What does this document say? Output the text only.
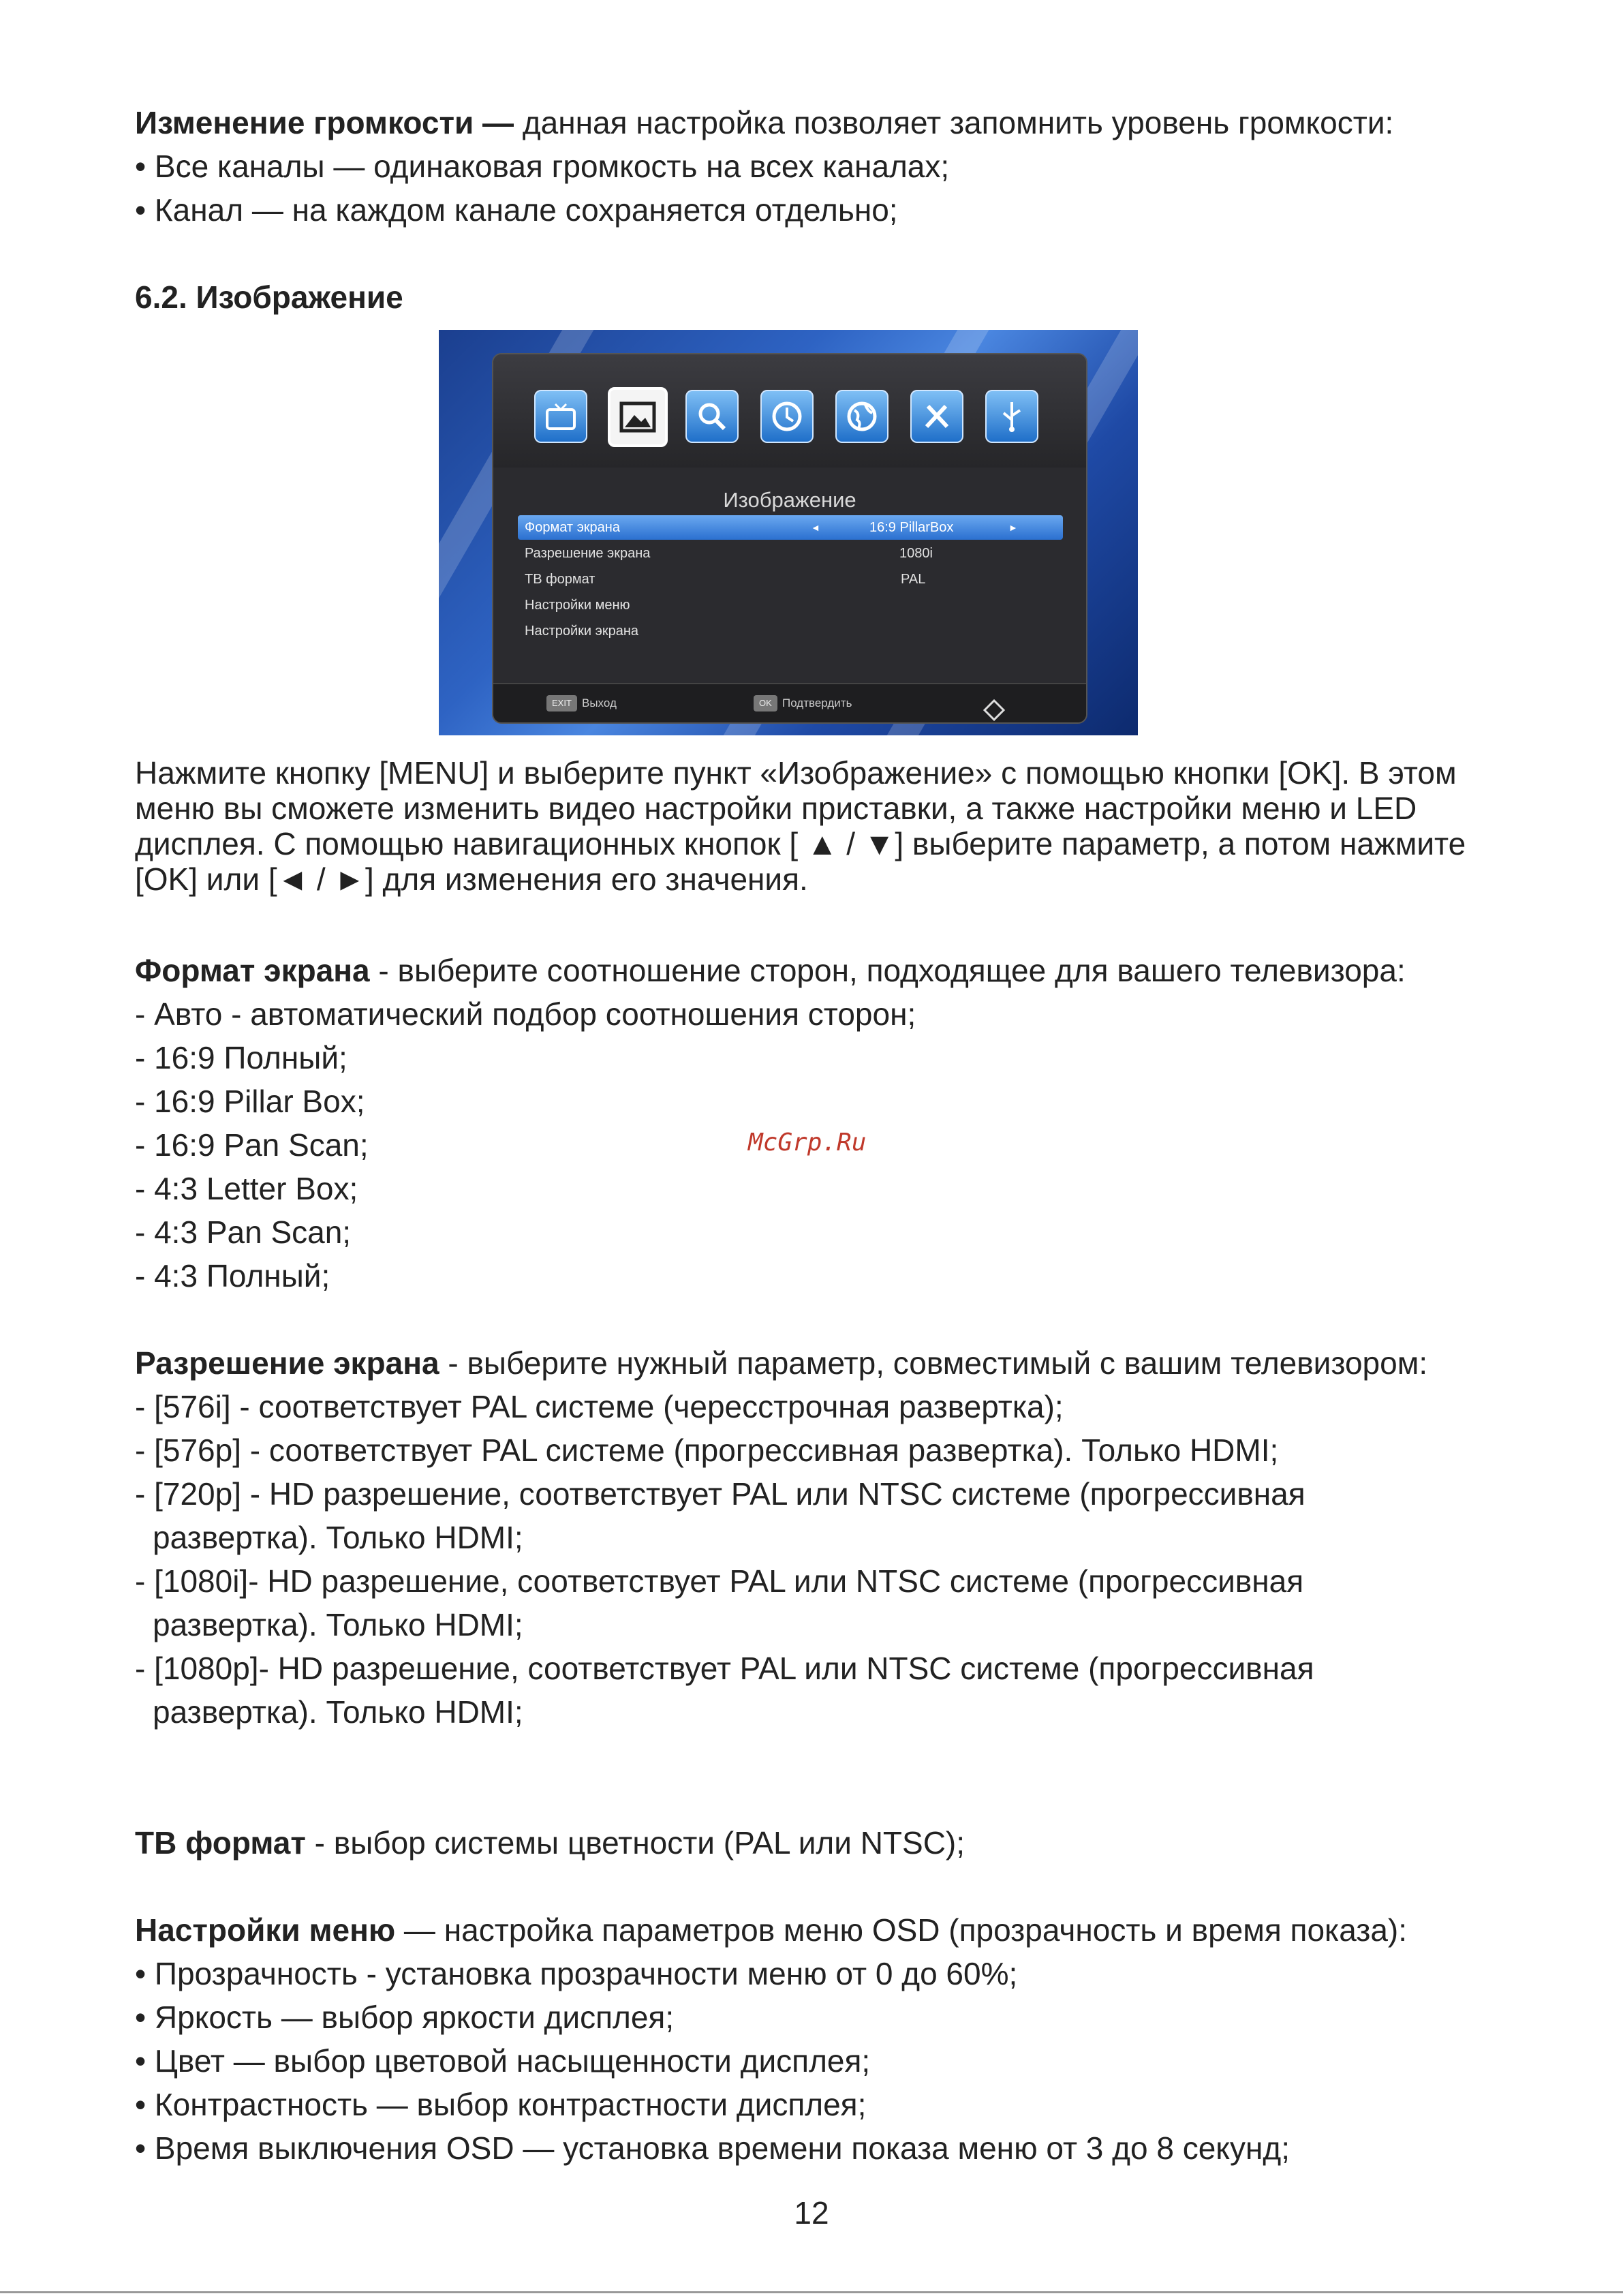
Изменение громкости — данная настройка позволяет запомнить уровень громкости:

• Все каналы — одинаковая громкость на всех каналах;

• Канал — на каждом канале сохраняется отдельно;

6.2. Изображение

Изображение
Формат экрана	◄	16:9 PillarBox	►
Разрешение экрана	1080i
ТВ формат	PAL
Настройки меню
Настройки экрана
EXIT Выход	OK Подтвердить

Нажмите кнопку [MENU] и выберите пункт «Изображение» с помощью кнопки [OK]. В этом

меню вы сможете изменить видео настройки приставки, а также настройки меню и LED

дисплея. С помощью навигационных кнопок [ ▲ / ▼] выберите параметр, а потом нажмите

[OK] или [◄ / ►] для изменения его значения.

Формат экрана - выберите соотношение сторон, подходящее для вашего телевизора:

- Авто - автоматический подбор соотношения сторон;

- 16:9 Полный;

- 16:9 Pillar Box;

- 16:9 Pan Scan;

- 4:3 Letter Box;

- 4:3 Pan Scan;

- 4:3 Полный;

McGrp.Ru

Разрешение экрана - выберите нужный параметр, совместимый с вашим телевизором:

- [576i] - соответствует PAL системе (чересстрочная развертка);

- [576p] - соответствует PAL системе (прогрессивная развертка). Только HDMI;

- [720p] - HD разрешение, соответствует PAL или NTSC системе (прогрессивная

развертка). Только HDMI;

- [1080i]- HD разрешение, соответствует PAL или NTSC системе (прогрессивная

развертка). Только HDMI;

- [1080p]- HD разрешение, соответствует PAL или NTSC системе (прогрессивная

развертка). Только HDMI;

ТВ формат - выбор системы цветности (PAL или NTSC);

Настройки меню — настройка параметров меню OSD (прозрачность и время показа):

• Прозрачность - установка прозрачности меню от 0 до 60%;

• Яркость — выбор яркости дисплея;

• Цвет — выбор цветовой насыщенности дисплея;

• Контрастность — выбор контрастности дисплея;

• Время выключения OSD — установка времени показа меню от 3 до 8 секунд;

12
